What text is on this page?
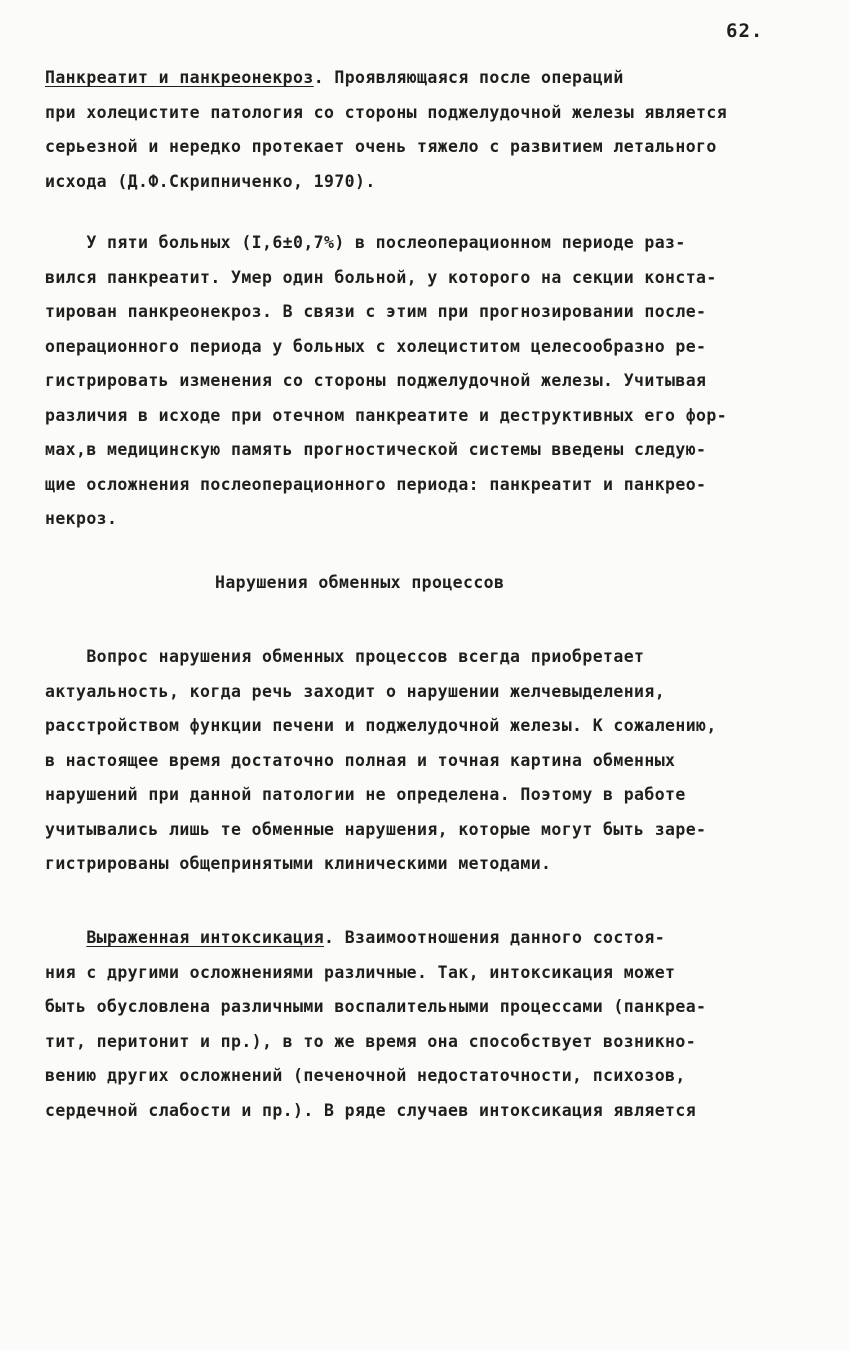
62.
Панкреатит и панкреонекроз. Проявляющаяся после операций
при холецистите патология со стороны поджелудочной железы является
серьезной и нередко протекает очень тяжело с развитием летального
исхода (Д.Ф.Скрипниченко, 1970).
У пяти больных (I,6±0,7%) в послеоперационном периоде раз-
вился панкреатит. Умер один больной, у которого на секции конста-
тирован панкреонекроз. В связи с этим при прогнозировании после-
операционного периода у больных с холециститом целесообразно ре-
гистрировать изменения со стороны поджелудочной железы. Учитывая
различия в исходе при отечном панкреатите и деструктивных его фор-
мах,в медицинскую память прогностической системы введены следую-
щие осложнения послеоперационного периода: панкреатит и панкрео-
некроз.
Нарушения обменных процессов
Вопрос нарушения обменных процессов всегда приобретает
актуальность, когда речь заходит о нарушении желчевыделения,
расстройством функции печени и поджелудочной железы. К сожалению,
в настоящее время достаточно полная и точная картина обменных
нарушений при данной патологии не определена. Поэтому в работе
учитывались лишь те обменные нарушения, которые могут быть заре-
гистрированы общепринятыми клиническими методами.
Выраженная интоксикация. Взаимоотношения данного состоя-
ния с другими осложнениями различные. Так, интоксикация может
быть обусловлена различными воспалительными процессами (панкреа-
тит, перитонит и пр.), в то же время она способствует возникно-
вению других осложнений (печеночной недостаточности, психозов,
сердечной слабости и пр.). В ряде случаев интоксикация является
